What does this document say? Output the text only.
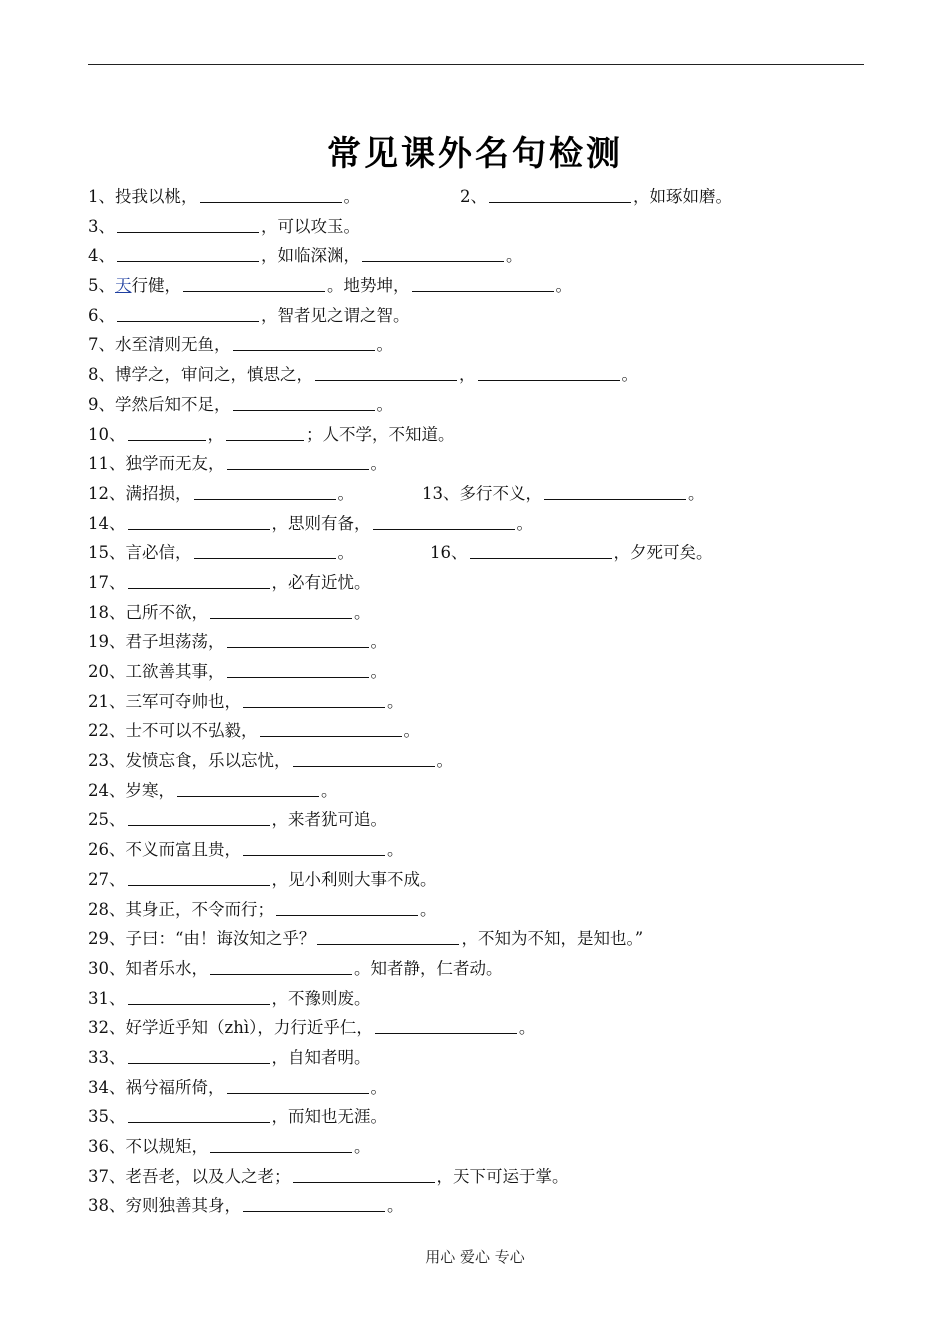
常见课外名句检测
1、投我以桃，	。	2、	，如琢如磨。
3、	，可以攻玉。
4、	，如临深渊，	。
5、天行健，	。地势坤，	。
6、	，智者见之谓之智。
7、水至清则无鱼，	。
8、博学之，审问之，慎思之，	，	。
9、学然后知不足，	。
10、	，	；人不学，不知道。
11、独学而无友，	。
12、满招损，	。	13、多行不义，	。
14、	，思则有备，	。
15、言必信，	。	16、	，夕死可矣。
17、	，必有近忧。
18、己所不欲，	。
19、君子坦荡荡，	。
20、工欲善其事，	。
21、三军可夺帅也，	。
22、士不可以不弘毅，	。
23、发愤忘食，乐以忘忧，	。
24、岁寒，	。
25、	，来者犹可追。
26、不义而富且贵，	。
27、	，见小利则大事不成。
28、其身正，不令而行；	。
29、子曰：“由！诲汝知之乎？	，不知为不知，是知也。”
30、知者乐水，	。知者静，仁者动。
31、	，不豫则废。
32、好学近乎知（zhì），力行近乎仁，	。
33、	，自知者明。
34、祸兮福所倚，	。
35、	，而知也无涯。
36、不以规矩，	。
37、老吾老，以及人之老；	，天下可运于掌。
38、穷则独善其身，	。
用心 爱心 专心
